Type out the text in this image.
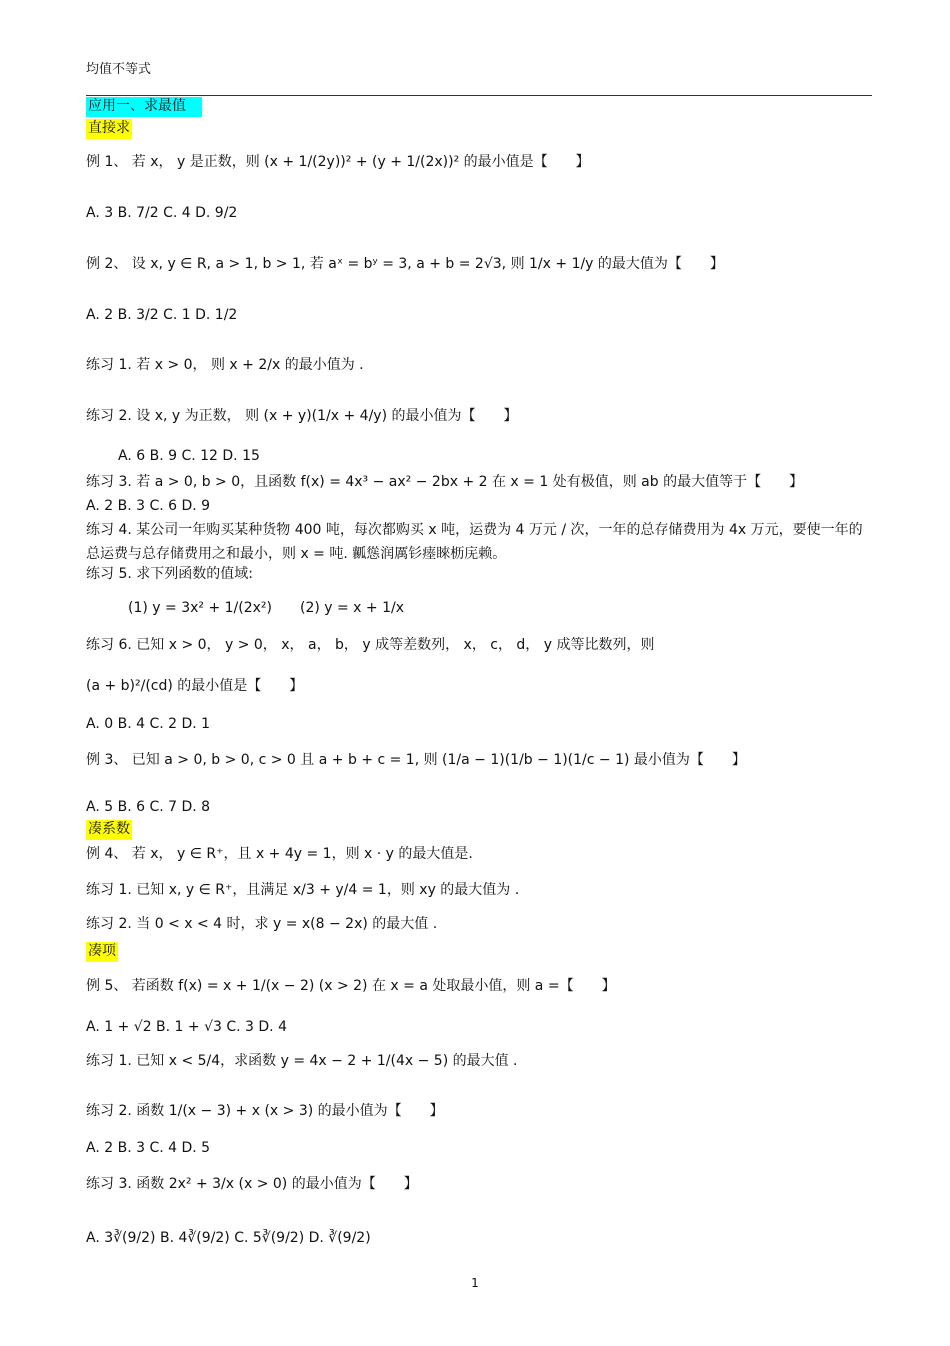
均值不等式
应用一、求最值
直接求
例 1、 若 x， y 是正数，则 (x + 1/(2y))² + (y + 1/(2x))² 的最小值是【　　】
A. 3 B. 7/2 C. 4 D. 9/2
例 2、 设 x, y ∈ R, a > 1, b > 1, 若 aˣ = bʸ = 3, a + b = 2√3, 则 1/x + 1/y 的最大值为【　　】
A. 2 B. 3/2 C. 1 D. 1/2
练习 1. 若 x > 0， 则 x + 2/x 的最小值为 .
练习 2. 设 x, y 为正数， 则 (x + y)(1/x + 4/y) 的最小值为【　　】
A. 6 B. 9 C. 12 D. 15
练习 3. 若 a > 0, b > 0，且函数 f(x) = 4x³ − ax² − 2bx + 2 在 x = 1 处有极值，则 ab 的最大值等于【　　】
A. 2 B. 3 C. 6 D. 9
练习 4. 某公司一年购买某种货物 400 吨，每次都购买 x 吨，运费为 4 万元 / 次，一年的总存储费用为 4x 万元，要使一年的总运费与总存储费用之和最小，则 x = 吨. 瓤慫润厲钐瘗睞枥庑赖。
练习 5. 求下列函数的值域:
(1) y = 3x² + 1/(2x²)　　(2) y = x + 1/x
练习 6. 已知 x > 0， y > 0， x， a， b， y 成等差数列， x， c， d， y 成等比数列，则
(a + b)²/(cd) 的最小值是【　　】
A. 0 B. 4 C. 2 D. 1
例 3、 已知 a > 0, b > 0, c > 0 且 a + b + c = 1, 则 (1/a − 1)(1/b − 1)(1/c − 1) 最小值为【　　】
A. 5 B. 6 C. 7 D. 8
凑系数
例 4、 若 x， y ∈ R⁺，且 x + 4y = 1，则 x · y 的最大值是.
练习 1. 已知 x, y ∈ R⁺，且满足 x/3 + y/4 = 1，则 xy 的最大值为 .
练习 2. 当 0 < x < 4 时，求 y = x(8 − 2x) 的最大值 .
凑项
例 5、 若函数 f(x) = x + 1/(x − 2) (x > 2) 在 x = a 处取最小值，则 a =【　　】
A. 1 + √2 B. 1 + √3 C. 3 D. 4
练习 1. 已知 x < 5/4，求函数 y = 4x − 2 + 1/(4x − 5) 的最大值 .
练习 2. 函数 1/(x − 3) + x (x > 3) 的最小值为【　　】
A. 2 B. 3 C. 4 D. 5
练习 3. 函数 2x² + 3/x (x > 0) 的最小值为【　　】
A. 3∛(9/2) B. 4∛(9/2) C. 5∛(9/2) D. ∛(9/2)
1
